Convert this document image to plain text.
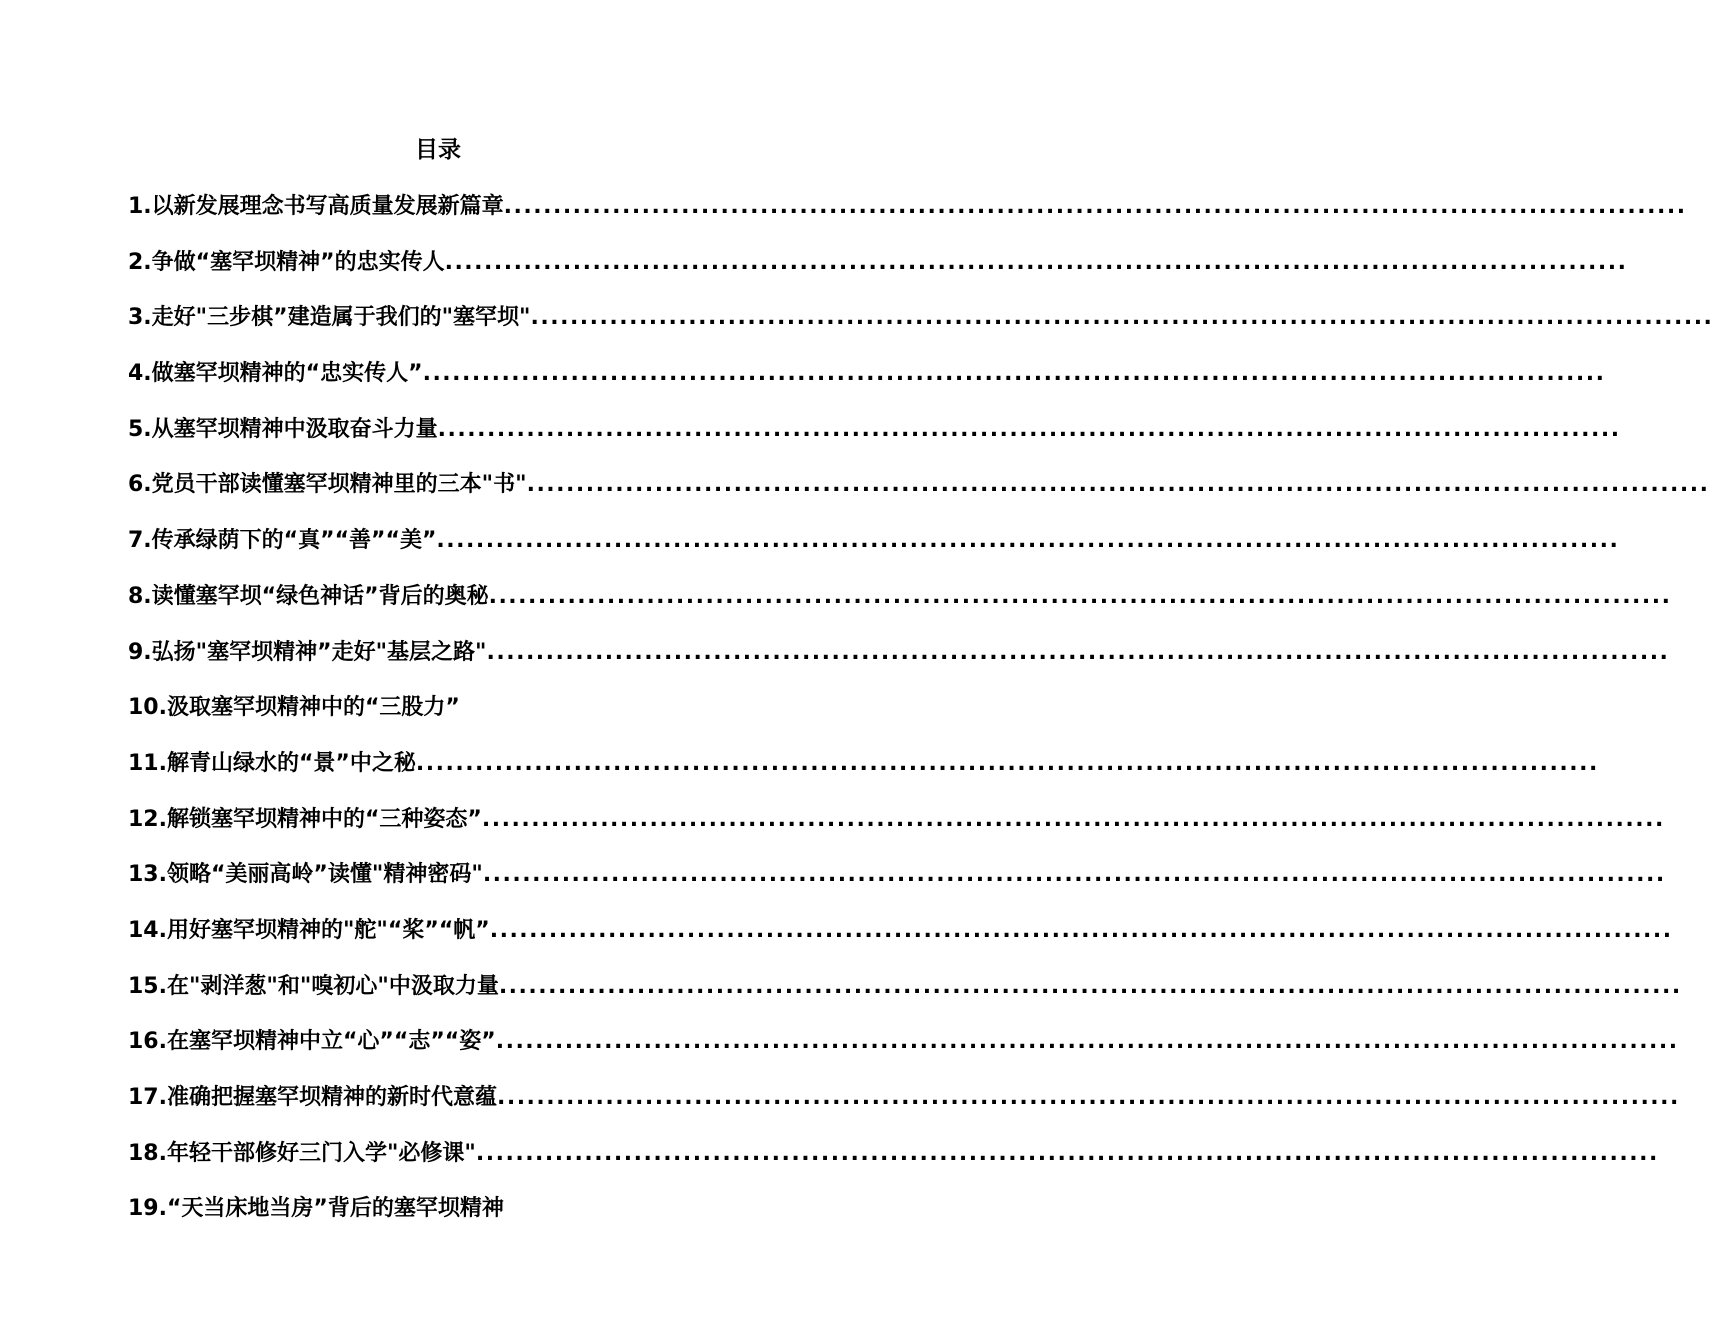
目录
1.以新发展理念书写高质量发展新篇章 ........................................................................................................................
2.争做“塞罕坝精神”的忠实传人 ........................................................................................................................
3.走好"三步棋”建造属于我们的"塞罕坝" ........................................................................................................................
4.做塞罕坝精神的“忠实传人” ........................................................................................................................
5.从塞罕坝精神中汲取奋斗力量 ........................................................................................................................
6.党员干部读懂塞罕坝精神里的三本"书" ........................................................................................................................
7.传承绿荫下的“真”“善”“美” ........................................................................................................................
8.读懂塞罕坝“绿色神话”背后的奥秘 ........................................................................................................................
9.弘扬"塞罕坝精神”走好"基层之路" ........................................................................................................................
10.汲取塞罕坝精神中的“三股力”
11.解青山绿水的“景”中之秘 ........................................................................................................................
12.解锁塞罕坝精神中的“三种姿态” ........................................................................................................................
13.领略“美丽高岭”读懂"精神密码" ........................................................................................................................
14.用好塞罕坝精神的"舵"“桨”“帆” ........................................................................................................................
15.在"剥洋葱"和"嗅初心"中汲取力量 ........................................................................................................................
16.在塞罕坝精神中立“心”“志”“姿” ........................................................................................................................
17.准确把握塞罕坝精神的新时代意蕴 ........................................................................................................................
18.年轻干部修好三门入学"必修课" ........................................................................................................................
19.“天当床地当房”背后的塞罕坝精神
